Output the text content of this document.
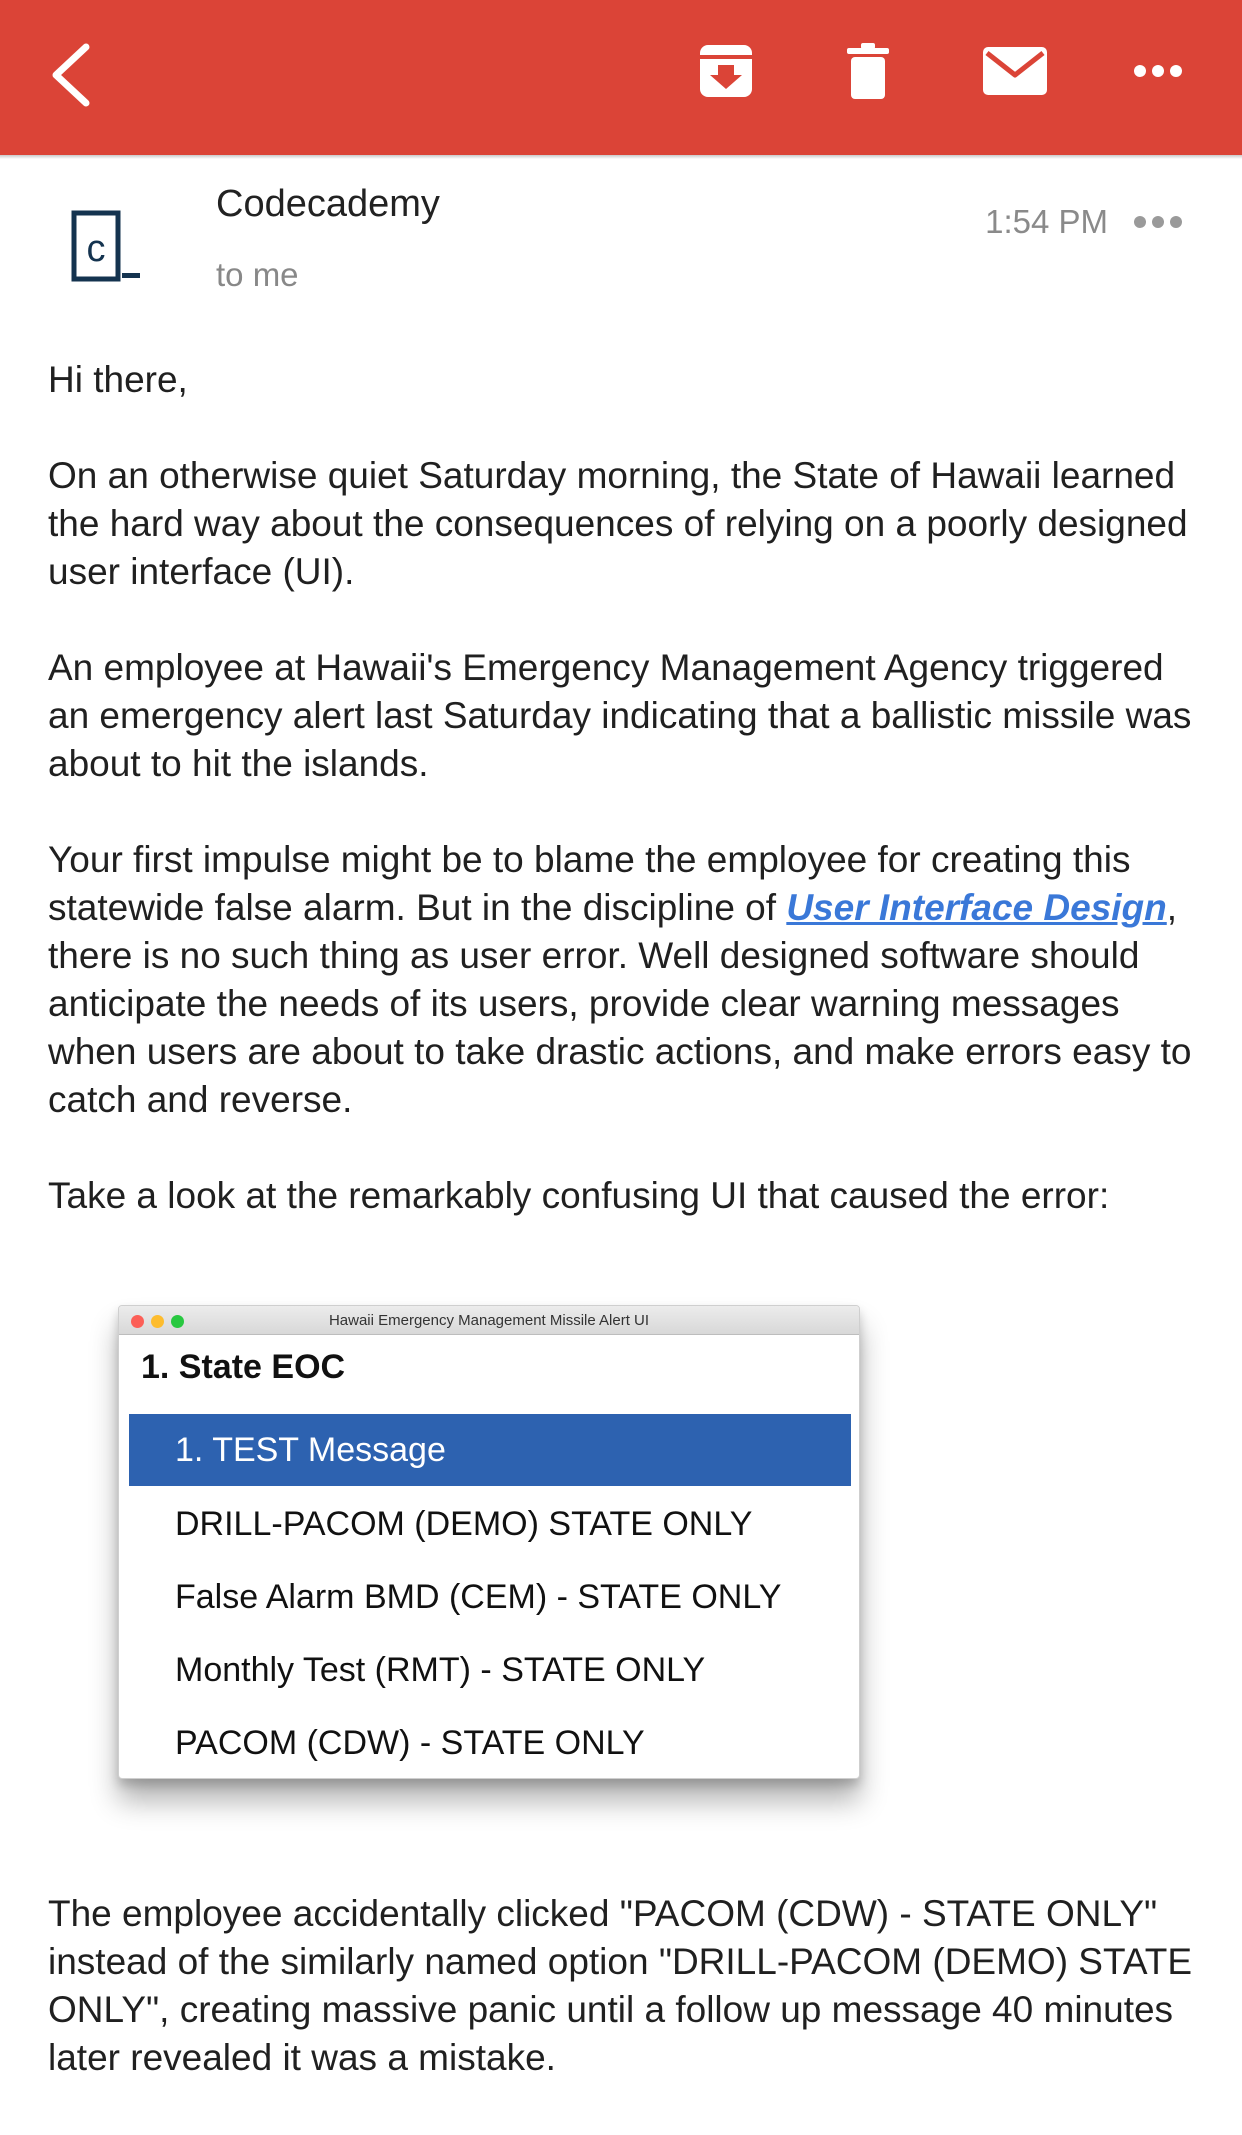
c
Codecademy
to me
1:54 PM

Hi there,

On an otherwise quiet Saturday morning, the State of Hawaii learned the hard way about the consequences of relying on a poorly designed user interface (UI).

An employee at Hawaii's Emergency Management Agency triggered an emergency alert last Saturday indicating that a ballistic missile was about to hit the islands.

Your first impulse might be to blame the employee for creating this statewide false alarm. But in the discipline of User Interface Design, there is no such thing as user error. Well designed software should anticipate the needs of its users, provide clear warning messages when users are about to take drastic actions, and make errors easy to catch and reverse.

Take a look at the remarkably confusing UI that caused the error:

Hawaii Emergency Management Missile Alert UI
1. State EOC
1. TEST Message
DRILL-PACOM (DEMO) STATE ONLY
False Alarm BMD (CEM) - STATE ONLY
Monthly Test (RMT) - STATE ONLY
PACOM (CDW) - STATE ONLY

The employee accidentally clicked "PACOM (CDW) - STATE ONLY" instead of the similarly named option "DRILL-PACOM (DEMO) STATE ONLY", creating massive panic until a follow up message 40 minutes later revealed it was a mistake.
